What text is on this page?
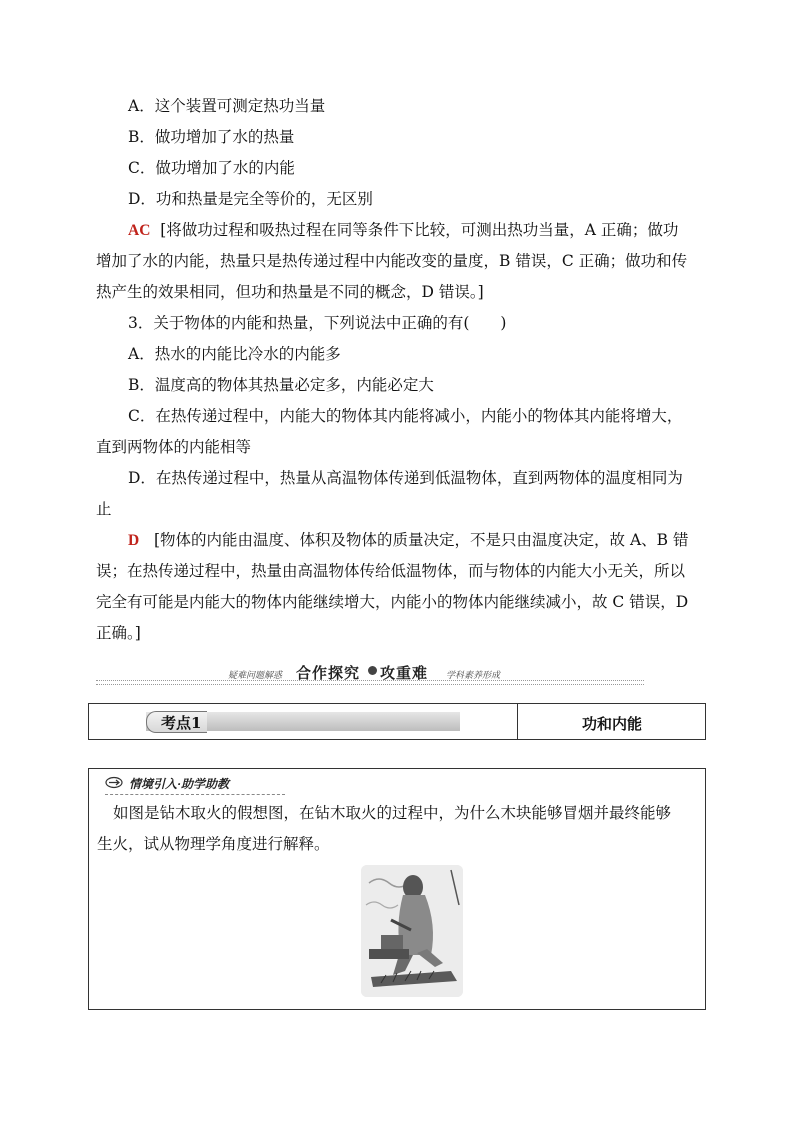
A．这个装置可测定热功当量
B．做功增加了水的热量
C．做功增加了水的内能
D．功和热量是完全等价的，无区别
AC [将做功过程和吸热过程在同等条件下比较，可测出热功当量，A 正确；做功
增加了水的内能，热量只是热传递过程中内能改变的量度，B 错误，C 正确；做功和传
热产生的效果相同，但功和热量是不同的概念，D 错误。]
3．关于物体的内能和热量，下列说法中正确的有(　　)
A．热水的内能比冷水的内能多
B．温度高的物体其热量必定多，内能必定大
C．在热传递过程中，内能大的物体其内能将减小，内能小的物体其内能将增大，
直到两物体的内能相等
D．在热传递过程中，热量从高温物体传递到低温物体，直到两物体的温度相同为
止
D [物体的内能由温度、体积及物体的质量决定，不是只由温度决定，故 A、B 错
误；在热传递过程中，热量由高温物体传给低温物体，而与物体的内能大小无关，所以
完全有可能是内能大的物体内能继续增大，内能小的物体内能继续减小，故 C 错误，D
正确。]
疑难问题解惑 合作探究 攻重难 学科素养形成
考点1	功和内能
情境引入·助学助教
如图是钻木取火的假想图，在钻木取火的过程中，为什么木块能够冒烟并最终能够
生火，试从物理学角度进行解释。
